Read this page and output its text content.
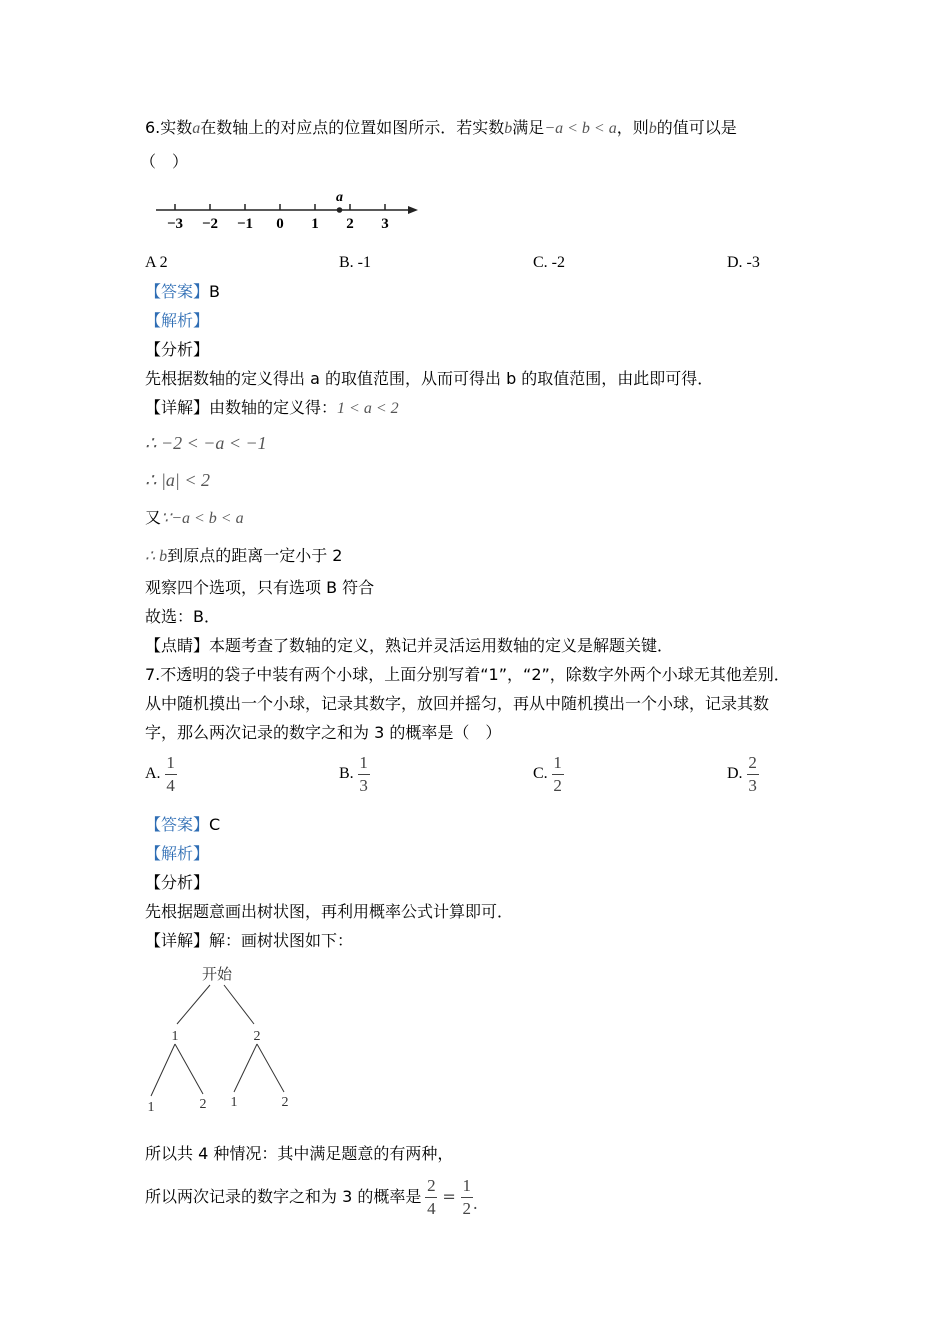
6.实数a在数轴上的对应点的位置如图所示．若实数b满足−a < b < a，则b的值可以是
（　）
−3 −2 −1 0 1 2 3
a
A 2	B. -1	C. -2	D. -3
【答案】B
【解析】
【分析】
先根据数轴的定义得出 a 的取值范围，从而可得出 b 的取值范围，由此即可得．
【详解】由数轴的定义得：1 < a < 2
∴ −2 < −a < −1
∴ |a| < 2
又∵−a < b < a
∴ b到原点的距离一定小于 2
观察四个选项，只有选项 B 符合
故选：B．
【点睛】本题考查了数轴的定义，熟记并灵活运用数轴的定义是解题关键．
7.不透明的袋子中装有两个小球，上面分别写着“1”，“2”，除数字外两个小球无其他差别．
从中随机摸出一个小球，记录其数字，放回并摇匀，再从中随机摸出一个小球，记录其数
字，那么两次记录的数字之和为 3 的概率是（　）
A. $\frac{1}{4}$	B. $\frac{1}{3}$	C. $\frac{1}{2}$	D. $\frac{2}{3}$
【答案】C
【解析】
【分析】
先根据题意画出树状图，再利用概率公式计算即可．
【详解】解：画树状图如下：
开始
1	2
1	2 1	2
所以共 4 种情况：其中满足题意的有两种，
所以两次记录的数字之和为 3 的概率是 $\frac{2}{4} = \frac{1}{2}$ .
